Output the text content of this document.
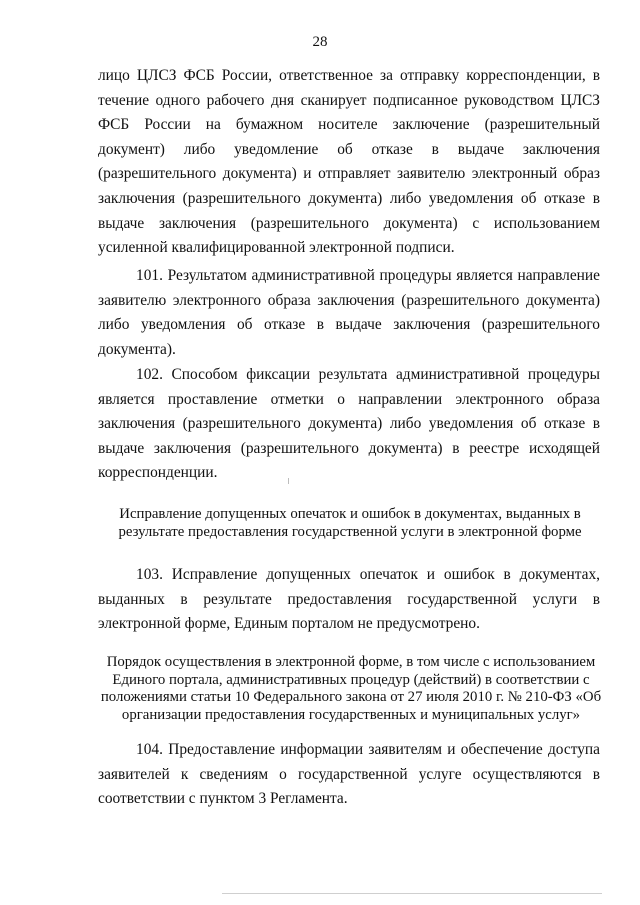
28
лицо ЦЛСЗ ФСБ России, ответственное за отправку корреспонденции, в течение одного рабочего дня сканирует подписанное руководством ЦЛСЗ ФСБ России на бумажном носителе заключение (разрешительный документ) либо уведомление об отказе в выдаче заключения (разрешительного документа) и отправляет заявителю электронный образ заключения (разрешительного документа) либо уведомления об отказе в выдаче заключения (разрешительного документа) с использованием усиленной квалифицированной электронной подписи.
101. Результатом административной процедуры является направление заявителю электронного образа заключения (разрешительного документа) либо уведомления об отказе в выдаче заключения (разрешительного документа).
102. Способом фиксации результата административной процедуры является проставление отметки о направлении электронного образа заключения (разрешительного документа) либо уведомления об отказе в выдаче заключения (разрешительного документа) в реестре исходящей корреспонденции.
Исправление допущенных опечаток и ошибок в документах, выданных в результате предоставления государственной услуги в электронной форме
103. Исправление допущенных опечаток и ошибок в документах, выданных в результате предоставления государственной услуги в электронной форме, Единым порталом не предусмотрено.
Порядок осуществления в электронной форме, в том числе с использованием Единого портала, административных процедур (действий) в соответствии с положениями статьи 10 Федерального закона от 27 июля 2010 г. № 210-ФЗ «Об организации предоставления государственных и муниципальных услуг»
104. Предоставление информации заявителям и обеспечение доступа заявителей к сведениям о государственной услуге осуществляются в соответствии с пунктом 3 Регламента.
